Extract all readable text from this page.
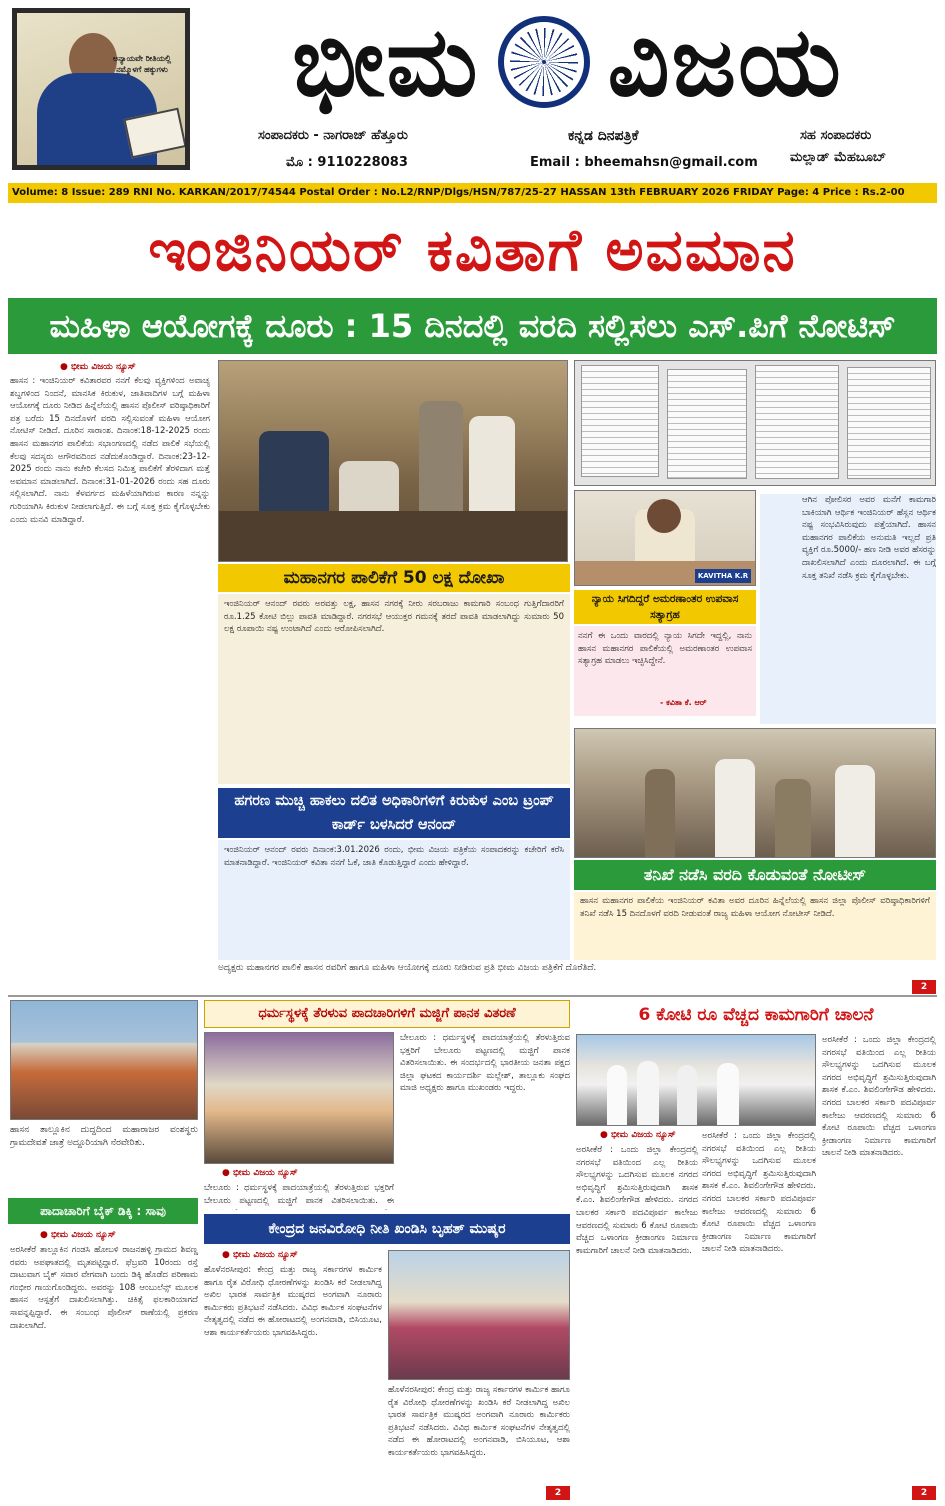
ಅನ್ಯಾಯವೇ ರೀತಿಯಲ್ಲಿ ನಮ್ಮೊಳಗೆ ಹಕ್ಕುಗಳು ಭೀಮ ವಿಜಯ
ಸಂಪಾದಕರು - ನಾಗರಾಜ್ ಹೆತ್ತೂರು
ಮೊ : 9110228083
ಕನ್ನಡ ದಿನಪತ್ರಿಕೆ
Email : bheemahsn@gmail.com
ಸಹ ಸಂಪಾದಕರು
ಮಲ್ಲಾಡ್ ಮೆಹಬೂಬ್
Volume: 8 Issue: 289 RNI No. KARKAN/2017/74544 Postal Order : No.L2/RNP/Dlgs/HSN/787/25-27 HASSAN 13th FEBRUARY 2026 FRIDAY Page: 4 Price : Rs.2-00
ಇಂಜಿನಿಯರ್ ಕವಿತಾಗೆ ಅವಮಾನ
ಮಹಿಳಾ ಆಯೋಗಕ್ಕೆ ದೂರು : 15 ದಿನದಲ್ಲಿ ವರದಿ ಸಲ್ಲಿಸಲು ಎಸ್.ಪಿಗೆ ನೋಟಿಸ್
● ಭೀಮ ವಿಜಯ ನ್ಯೂಸ್
ಹಾಸನ : ಇಂಜಿನಿಯರ್ ಕವಿತಾರವರ ನನಗೆ ಕೆಲವು ವ್ಯಕ್ತಿಗಳಿಂದ ಅವಾಚ್ಯ ಶಬ್ದಗಳಿಂದ ನಿಂದನೆ, ಮಾನಸಿಕ ಕಿರುಕುಳ, ಜಾತಿವಾದಿಗಳ ಬಗ್ಗೆ ಮಹಿಳಾ ಆಯೋಗಕ್ಕೆ ದೂರು ನೀಡಿದ ಹಿನ್ನೆಲೆಯಲ್ಲಿ ಹಾಸನ ಪೊಲೀಸ್ ವರಿಷ್ಠಾಧಿಕಾರಿಗೆ ಪತ್ರ ಬರೆದು 15 ದಿನದೊಳಗೆ ವರದಿ ಸಲ್ಲಿಸುವಂತೆ ಮಹಿಳಾ ಆಯೋಗ ನೋಟಿಸ್ ನೀಡಿದೆ. ದೂರಿನ ಸಾರಾಂಶ. ದಿನಾಂಕ:18-12-2025 ರಂದು ಹಾಸನ ಮಹಾನಗರ ಪಾಲಿಕೆಯ ಸಭಾಂಗಣದಲ್ಲಿ ನಡೆದ ಪಾಲಿಕೆ ಸಭೆಯಲ್ಲಿ ಕೆಲವು ಸದಸ್ಯರು ಅಗೌರವದಿಂದ ನಡೆದುಕೊಂಡಿದ್ದಾರೆ. ದಿನಾಂಕ:23-12-2025 ರಂದು ನಾನು ಕಚೇರಿ ಕೆಲಸದ ನಿಮಿತ್ತ ಪಾಲಿಕೆಗೆ ತೆರಳಿದಾಗ ಮತ್ತೆ ಅವಮಾನ ಮಾಡಲಾಗಿದೆ. ದಿನಾಂಕ:31-01-2026 ರಂದು ಸಹ ದೂರು ಸಲ್ಲಿಸಲಾಗಿದೆ. ನಾನು ಕೆಳವರ್ಗದ ಮಹಿಳೆಯಾಗಿರುವ ಕಾರಣ ನನ್ನನ್ನು ಗುರಿಯಾಗಿಸಿ ಕಿರುಕುಳ ನೀಡಲಾಗುತ್ತಿದೆ. ಈ ಬಗ್ಗೆ ಸೂಕ್ತ ಕ್ರಮ ಕೈಗೊಳ್ಳಬೇಕು ಎಂದು ಮನವಿ ಮಾಡಿದ್ದಾರೆ.
ಮಹಾನಗರ ಪಾಲಿಕೆಗೆ 50 ಲಕ್ಷ ದೋಖಾ
ಇಂಜಿನಿಯರ್ ಆನಂದ್ ರವರು ಅರವತ್ತು ಲಕ್ಷ, ಹಾಸನ ನಗರಕ್ಕೆ ನೀರು ಸರಬರಾಜು ಕಾಮಗಾರಿ ಸಂಬಂಧ ಗುತ್ತಿಗೆದಾರರಿಗೆ ರೂ.1.25 ಕೋಟಿ ಬಿಲ್ಲು ಪಾವತಿ ಮಾಡಿದ್ದಾರೆ. ನಗರಸಭೆ ಆಯುಕ್ತರ ಗಮನಕ್ಕೆ ತರದೆ ಪಾವತಿ ಮಾಡಲಾಗಿದ್ದು ಸುಮಾರು 50 ಲಕ್ಷ ರೂಪಾಯಿ ನಷ್ಟ ಉಂಟಾಗಿದೆ ಎಂದು ಆರೋಪಿಸಲಾಗಿದೆ.
KAVITHA K.R
ನ್ಯಾಯ ಸಿಗದಿದ್ದರೆ ಅಮರಣಾಂತರ ಉಪವಾಸ ಸತ್ಯಾಗ್ರಹ
ನನಗೆ ಈ ಒಂದು ವಾರದಲ್ಲಿ ನ್ಯಾಯ ಸಿಗದೇ ಇದ್ದಲ್ಲಿ, ನಾನು ಹಾಸನ ಮಹಾನಗರ ಪಾಲಿಕೆಯಲ್ಲಿ ಅಮರಣಾಂತರ ಉಪವಾಸ ಸತ್ಯಾಗ್ರಹ ಮಾಡಲು ಇಚ್ಛಿಸಿದ್ದೇನೆ.
- ಕವಿತಾ ಕೆ. ಆರ್
ಆಗಿನ ಪೋಲಿಸರ ಅವರ ಮನೆಗೆ ಕಾಮಗಾರಿ ಬಾಕಿಯಾಗಿ ಆರ್ಥಿಕ ಇಂಜಿನಿಯರ್ ಹೆಸ್ಲನ ಆರ್ಥಿಕ ನಷ್ಟ ಸಂಭವಿಸಿರುವುದು ಪತ್ತೆಯಾಗಿದೆ. ಹಾಸನ ಮಹಾನಗರ ಪಾಲಿಕೆಯ ಅನುಮತಿ ಇಲ್ಲದೆ ಪ್ರತಿ ವ್ಯಕ್ತಿಗೆ ರೂ.5000/- ಹಣ ನೀಡಿ ಅವರ ಹೆಸರನ್ನು ದಾಖಲಿಸಲಾಗಿದೆ ಎಂದು ದೂರಲಾಗಿದೆ. ಈ ಬಗ್ಗೆ ಸೂಕ್ತ ತನಿಖೆ ನಡೆಸಿ ಕ್ರಮ ಕೈಗೊಳ್ಳಬೇಕು.
ಹಗರಣ ಮುಚ್ಚಿ ಹಾಕಲು ದಲಿತ ಅಧಿಕಾರಿಗಳಿಗೆ ಕಿರುಕುಳ ಎಂಬ ಟ್ರಂಪ್ ಕಾರ್ಡ್ ಬಳಸಿದರೆ ಆನಂದ್
ಇಂಜಿನಿಯರ್ ಆನಂದ್ ರವರು ದಿನಾಂಕ:3.01.2026 ರಂದು, ಭೀಮ ವಿಜಯ ಪತ್ರಿಕೆಯ ಸಂಪಾದಕರನ್ನು ಕಚೇರಿಗೆ ಕರೆಸಿ ಮಾತನಾಡಿದ್ದಾರೆ. ಇಂಜಿನಿಯರ್ ಕವಿತಾ ನನಗೆ ಓಕೆ, ಜಾತಿ ಕೊಡುತ್ತಿದ್ದಾರೆ ಎಂದು ಹೇಳಿದ್ದಾರೆ.
ತನಿಖೆ ನಡೆಸಿ ವರದಿ ಕೊಡುವಂತೆ ನೋಟೀಸ್
ಹಾಸನ ಮಹಾನಗರ ಪಾಲಿಕೆಯ ಇಂಜಿನಿಯರ್ ಕವಿತಾ ಅವರ ದೂರಿನ ಹಿನ್ನೆಲೆಯಲ್ಲಿ ಹಾಸನ ಜಿಲ್ಲಾ ಪೊಲೀಸ್ ವರಿಷ್ಠಾಧಿಕಾರಿಗಳಿಗೆ ತನಿಖೆ ನಡೆಸಿ 15 ದಿನದೊಳಗೆ ವರದಿ ನೀಡುವಂತೆ ರಾಜ್ಯ ಮಹಿಳಾ ಆಯೋಗ ನೋಟೀಸ್ ನೀಡಿದೆ.
ಅದ್ಯಕ್ಷರು ಮಹಾನಗರ ಪಾಲಿಕೆ ಹಾಸನ ರವರಿಗೆ ಹಾಗೂ ಮಹಿಳಾ ಆಯೋಗಕ್ಕೆ ದೂರು ನೀಡಿರುವ ಪ್ರತಿ ಭೀಮ ವಿಜಯ ಪತ್ರಿಕೆಗೆ ದೊರೆತಿದೆ.
2
ಹಾಸನ ತಾಲ್ಲೂಕಿನ ದುದ್ದದಿಂದ ಮಹಾರಾಜರ ವಂಶಸ್ಥರು ಗ್ರಾಮದೇವತೆ ಜಾತ್ರೆ ಅದ್ದೂರಿಯಾಗಿ ನೆರವೇರಿತು.
ಪಾದಾಚಾರಿಗೆ ಬೈಕ್ ಡಿಕ್ಕಿ : ಸಾವು
● ಭೀಮ ವಿಜಯ ನ್ಯೂಸ್
ಅರಸೀಕೆರೆ ತಾಲ್ಲೂಕಿನ ಗಂಡಸಿ ಹೋಬಳಿ ರಾಜನಹಳ್ಳಿ ಗ್ರಾಮದ ಶಿವಣ್ಣ ರವರು ಅಪಘಾತದಲ್ಲಿ ಮೃತಪಟ್ಟಿದ್ದಾರೆ. ಫೆಬ್ರವರಿ 10ರಂದು ರಸ್ತೆ ದಾಟುವಾಗ ಬೈಕ್ ಸವಾರ ವೇಗವಾಗಿ ಬಂದು ಡಿಕ್ಕಿ ಹೊಡೆದ ಪರಿಣಾಮ ಗಂಭೀರ ಗಾಯಗೊಂಡಿದ್ದರು. ಅವರನ್ನು 108 ಆಂಬುಲೆನ್ಸ್ ಮೂಲಕ ಹಾಸನ ಆಸ್ಪತ್ರೆಗೆ ದಾಖಲಿಸಲಾಗಿತ್ತು. ಚಿಕಿತ್ಸೆ ಫಲಕಾರಿಯಾಗದೆ ಸಾವನ್ನಪ್ಪಿದ್ದಾರೆ. ಈ ಸಂಬಂಧ ಪೊಲೀಸ್ ಠಾಣೆಯಲ್ಲಿ ಪ್ರಕರಣ ದಾಖಲಾಗಿದೆ.
ಧರ್ಮಸ್ಥಳಕ್ಕೆ ತೆರಳುವ ಪಾದಚಾರಿಗಳಿಗೆ ಮಜ್ಜಿಗೆ ಪಾನಕ ವಿತರಣೆ
● ಭೀಮ ವಿಜಯ ನ್ಯೂಸ್
ಬೇಲೂರು : ಧರ್ಮಸ್ಥಳಕ್ಕೆ ಪಾದಯಾತ್ರೆಯಲ್ಲಿ ತೆರಳುತ್ತಿರುವ ಭಕ್ತರಿಗೆ ಬೇಲೂರು ಪಟ್ಟಣದಲ್ಲಿ ಮಜ್ಜಿಗೆ ಪಾನಕ ವಿತರಿಸಲಾಯಿತು. ಈ
ಬೇಲೂರು : ಧರ್ಮಸ್ಥಳಕ್ಕೆ ಪಾದಯಾತ್ರೆಯಲ್ಲಿ ತೆರಳುತ್ತಿರುವ ಭಕ್ತರಿಗೆ ಬೇಲೂರು ಪಟ್ಟಣದಲ್ಲಿ ಮಜ್ಜಿಗೆ ಪಾನಕ ವಿತರಿಸಲಾಯಿತು. ಈ ಸಂದರ್ಭದಲ್ಲಿ ಭಾರತೀಯ ಜನತಾ ಪಕ್ಷದ ಜಿಲ್ಲಾ ಘಟಕದ ಕಾರ್ಯದರ್ಶಿ ಮಲ್ಲೇಶ್, ತಾಲ್ಲೂಕು ಸಂಘದ ಮಾಜಿ ಅಧ್ಯಕ್ಷರು ಹಾಗೂ ಮುಖಂಡರು ಇದ್ದರು.
ಕೇಂದ್ರದ ಜನವಿರೋಧಿ ನೀತಿ ಖಂಡಿಸಿ ಬೃಹತ್ ಮುಷ್ಕರ
● ಭೀಮ ವಿಜಯ ನ್ಯೂಸ್
ಹೊಳೆನರಸೀಪುರ: ಕೇಂದ್ರ ಮತ್ತು ರಾಜ್ಯ ಸರ್ಕಾರಗಳ ಕಾರ್ಮಿಕ ಹಾಗೂ ರೈತ ವಿರೋಧಿ ಧೋರಣೆಗಳನ್ನು ಖಂಡಿಸಿ ಕರೆ ನೀಡಲಾಗಿದ್ದ ಅಖಿಲ ಭಾರತ ಸಾರ್ವತ್ರಿಕ ಮುಷ್ಕರದ ಅಂಗವಾಗಿ ನೂರಾರು ಕಾರ್ಮಿಕರು ಪ್ರತಿಭಟನೆ ನಡೆಸಿದರು. ವಿವಿಧ ಕಾರ್ಮಿಕ ಸಂಘಟನೆಗಳ ನೇತೃತ್ವದಲ್ಲಿ ನಡೆದ ಈ ಹೋರಾಟದಲ್ಲಿ ಅಂಗನವಾಡಿ, ಬಿಸಿಯೂಟ, ಆಶಾ ಕಾರ್ಯಕರ್ತೆಯರು ಭಾಗವಹಿಸಿದ್ದರು.
ಹೊಳೆನರಸೀಪುರ: ಕೇಂದ್ರ ಮತ್ತು ರಾಜ್ಯ ಸರ್ಕಾರಗಳ ಕಾರ್ಮಿಕ ಹಾಗೂ ರೈತ ವಿರೋಧಿ ಧೋರಣೆಗಳನ್ನು ಖಂಡಿಸಿ ಕರೆ ನೀಡಲಾಗಿದ್ದ ಅಖಿಲ ಭಾರತ ಸಾರ್ವತ್ರಿಕ ಮುಷ್ಕರದ ಅಂಗವಾಗಿ ನೂರಾರು ಕಾರ್ಮಿಕರು ಪ್ರತಿಭಟನೆ ನಡೆಸಿದರು. ವಿವಿಧ ಕಾರ್ಮಿಕ ಸಂಘಟನೆಗಳ ನೇತೃತ್ವದಲ್ಲಿ ನಡೆದ ಈ ಹೋರಾಟದಲ್ಲಿ ಅಂಗನವಾಡಿ, ಬಿಸಿಯೂಟ, ಆಶಾ ಕಾರ್ಯಕರ್ತೆಯರು ಭಾಗವಹಿಸಿದ್ದರು.
2
6 ಕೋಟಿ ರೂ ವೆಚ್ಚದ ಕಾಮಗಾರಿಗೆ ಚಾಲನೆ
● ಭೀಮ ವಿಜಯ ನ್ಯೂಸ್
ಅರಸೀಕೆರೆ : ಒಂದು ಜಿಲ್ಲಾ ಕೇಂದ್ರದಲ್ಲಿ ನಗರಸಭೆ ವತಿಯಿಂದ ಎಲ್ಲ ರೀತಿಯ ಸೌಲಭ್ಯಗಳನ್ನು ಒದಗಿಸುವ ಮೂಲಕ ನಗರದ ಅಭಿವೃದ್ಧಿಗೆ ಶ್ರಮಿಸುತ್ತಿರುವುದಾಗಿ ಶಾಸಕ ಕೆ.ಎಂ. ಶಿವಲಿಂಗೇಗೌಡ ಹೇಳಿದರು. ನಗರದ ಬಾಲಕರ ಸರ್ಕಾರಿ ಪದವಿಪೂರ್ವ ಕಾಲೇಜು ಆವರಣದಲ್ಲಿ ಸುಮಾರು 6 ಕೋಟಿ ರೂಪಾಯಿ ವೆಚ್ಚದ ಒಳಾಂಗಣ ಕ್ರೀಡಾಂಗಣ ನಿರ್ಮಾಣ ಕಾಮಗಾರಿಗೆ ಚಾಲನೆ ನೀಡಿ ಮಾತನಾಡಿದರು.
ಅರಸೀಕೆರೆ : ಒಂದು ಜಿಲ್ಲಾ ಕೇಂದ್ರದಲ್ಲಿ ನಗರಸಭೆ ವತಿಯಿಂದ ಎಲ್ಲ ರೀತಿಯ ಸೌಲಭ್ಯಗಳನ್ನು ಒದಗಿಸುವ ಮೂಲಕ ನಗರದ ಅಭಿವೃದ್ಧಿಗೆ ಶ್ರಮಿಸುತ್ತಿರುವುದಾಗಿ ಶಾಸಕ ಕೆ.ಎಂ. ಶಿವಲಿಂಗೇಗೌಡ ಹೇಳಿದರು. ನಗರದ ಬಾಲಕರ ಸರ್ಕಾರಿ ಪದವಿಪೂರ್ವ ಕಾಲೇಜು ಆವರಣದಲ್ಲಿ ಸುಮಾರು 6 ಕೋಟಿ ರೂಪಾಯಿ ವೆಚ್ಚದ ಒಳಾಂಗಣ ಕ್ರೀಡಾಂಗಣ ನಿರ್ಮಾಣ ಕಾಮಗಾರಿಗೆ ಚಾಲನೆ ನೀಡಿ ಮಾತನಾಡಿದರು.
ಅರಸೀಕೆರೆ : ಒಂದು ಜಿಲ್ಲಾ ಕೇಂದ್ರದಲ್ಲಿ ನಗರಸಭೆ ವತಿಯಿಂದ ಎಲ್ಲ ರೀತಿಯ ಸೌಲಭ್ಯಗಳನ್ನು ಒದಗಿಸುವ ಮೂಲಕ ನಗರದ ಅಭಿವೃದ್ಧಿಗೆ ಶ್ರಮಿಸುತ್ತಿರುವುದಾಗಿ ಶಾಸಕ ಕೆ.ಎಂ. ಶಿವಲಿಂಗೇಗೌಡ ಹೇಳಿದರು. ನಗರದ ಬಾಲಕರ ಸರ್ಕಾರಿ ಪದವಿಪೂರ್ವ ಕಾಲೇಜು ಆವರಣದಲ್ಲಿ ಸುಮಾರು 6 ಕೋಟಿ ರೂಪಾಯಿ ವೆಚ್ಚದ ಒಳಾಂಗಣ ಕ್ರೀಡಾಂಗಣ ನಿರ್ಮಾಣ ಕಾಮಗಾರಿಗೆ ಚಾಲನೆ ನೀಡಿ ಮಾತನಾಡಿದರು.
2
